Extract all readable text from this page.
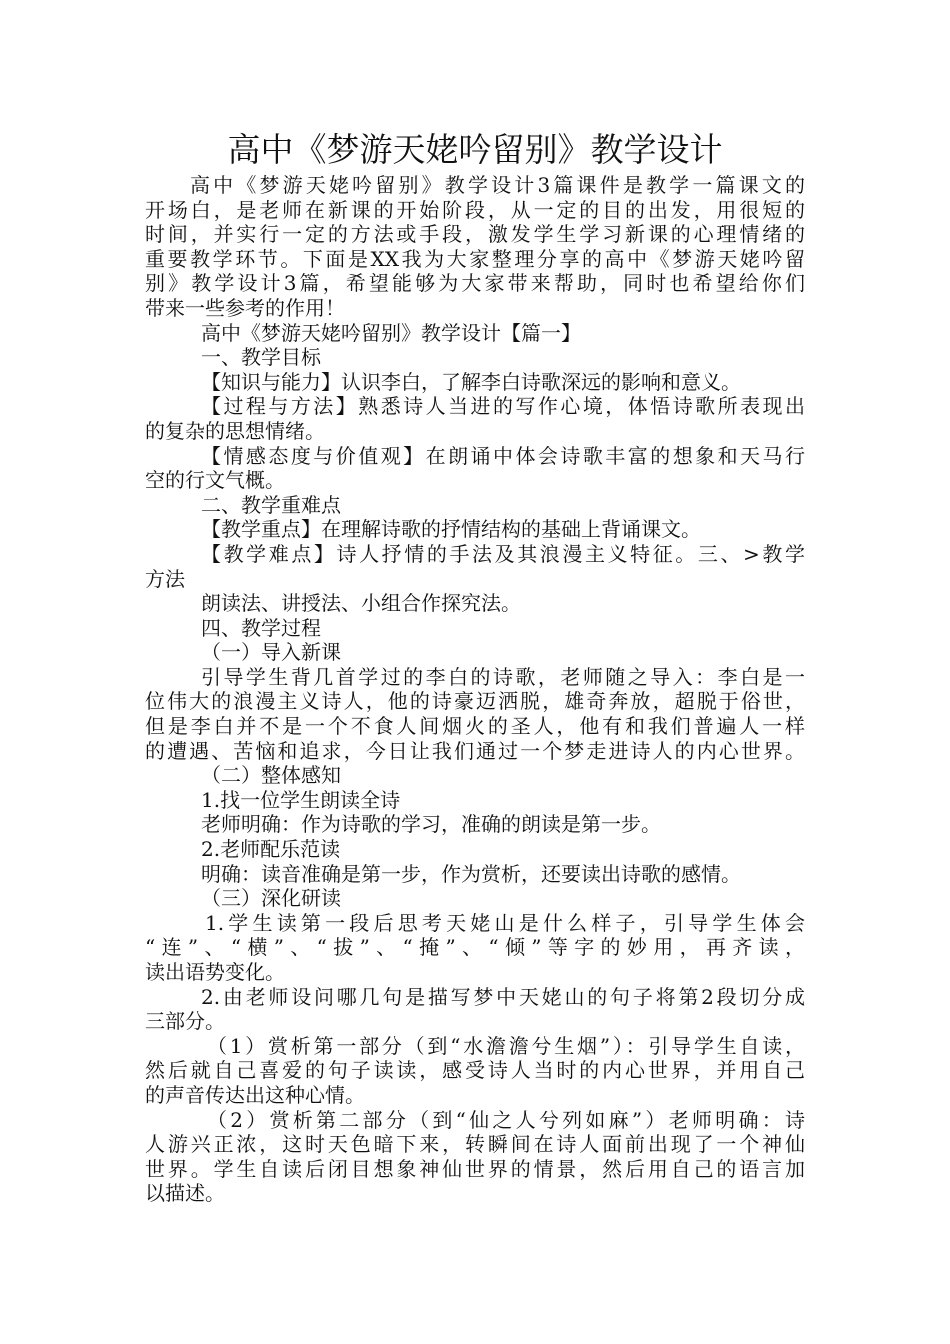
高中《梦游天姥吟留别》教学设计
高中《梦游天姥吟留别》教学设计3篇课件是教学一篇课文的
开场白，是老师在新课的开始阶段，从一定的目的出发，用很短的
时间，并实行一定的方法或手段，激发学生学习新课的心理情绪的
重要教学环节。下面是XX我为大家整理分享的高中《梦游天姥吟留
别》教学设计3篇，希望能够为大家带来帮助，同时也希望给你们
带来一些参考的作用！
高中《梦游天姥吟留别》教学设计【篇一】
一、教学目标
【知识与能力】认识李白，了解李白诗歌深远的影响和意义。
【过程与方法】熟悉诗人当进的写作心境，体悟诗歌所表现出
的复杂的思想情绪。
【情感态度与价值观】在朗诵中体会诗歌丰富的想象和天马行
空的行文气概。
二、教学重难点
【教学重点】在理解诗歌的抒情结构的基础上背诵课文。
【教学难点】诗人抒情的手法及其浪漫主义特征。三、>教学
方法
朗读法、讲授法、小组合作探究法。
四、教学过程
（一）导入新课
引导学生背几首学过的李白的诗歌，老师随之导入：李白是一
位伟大的浪漫主义诗人，他的诗豪迈洒脱，雄奇奔放，超脱于俗世，
但是李白并不是一个不食人间烟火的圣人，他有和我们普遍人一样
的遭遇、苦恼和追求，今日让我们通过一个梦走进诗人的内心世界。
（二）整体感知
1.找一位学生朗读全诗
老师明确：作为诗歌的学习，准确的朗读是第一步。
2.老师配乐范读
明确：读音准确是第一步，作为赏析，还要读出诗歌的感情。
（三）深化研读
1.学生读第一段后思考天姥山是什么样子，引导学生体会
“连”、“横”、“拔”、“掩”、“倾”等字的妙用，再齐读，
读出语势变化。
2.由老师设问哪几句是描写梦中天姥山的句子将第2段切分成
三部分。
（1）赏析第一部分（到“水澹澹兮生烟”）：引导学生自读，
然后就自己喜爱的句子读读，感受诗人当时的内心世界，并用自己
的声音传达出这种心情。
（2）赏析第二部分（到“仙之人兮列如麻”）老师明确：诗
人游兴正浓，这时天色暗下来，转瞬间在诗人面前出现了一个神仙
世界。学生自读后闭目想象神仙世界的情景，然后用自己的语言加
以描述。
